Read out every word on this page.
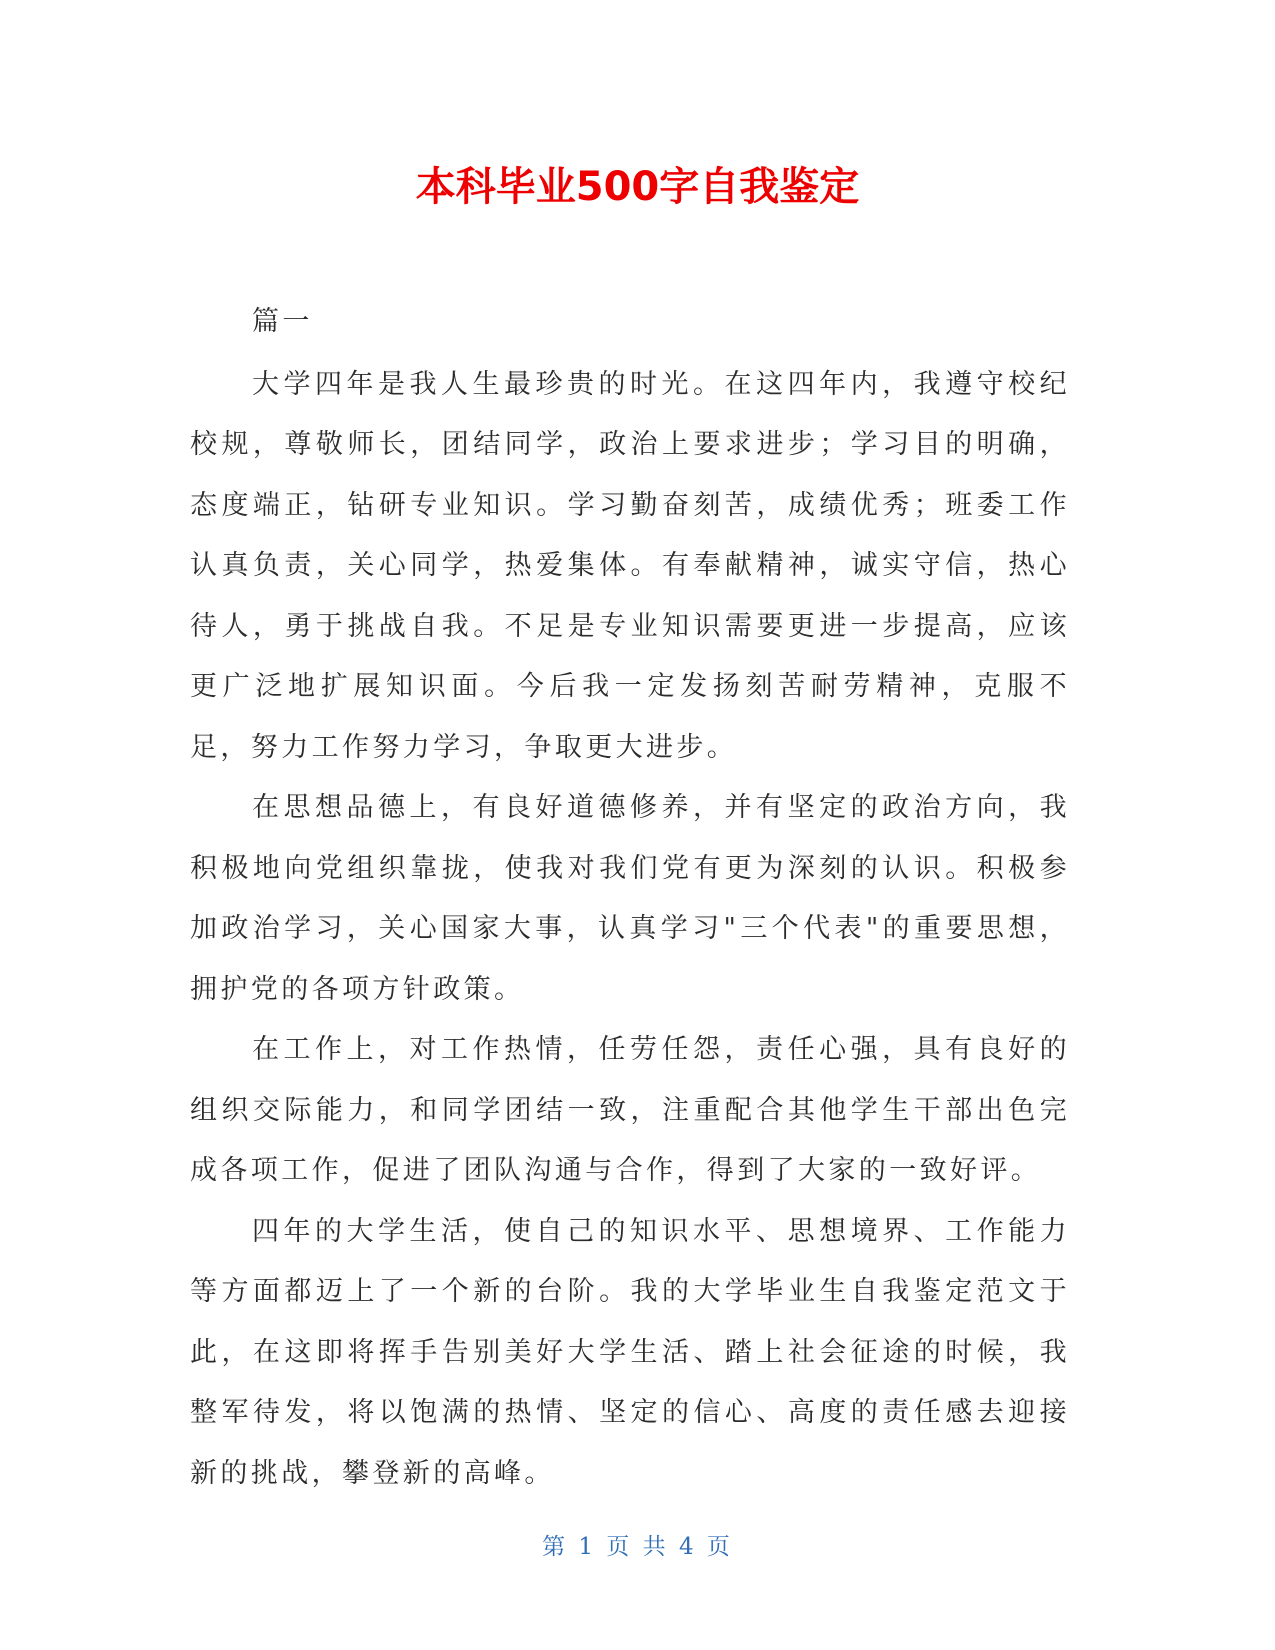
本科毕业500字自我鉴定

篇一

大学四年是我人生最珍贵的时光。在这四年内，我遵守校纪校规，尊敬师长，团结同学，政治上要求进步；学习目的明确，态度端正，钻研专业知识。学习勤奋刻苦，成绩优秀；班委工作认真负责，关心同学，热爱集体。有奉献精神，诚实守信，热心待人，勇于挑战自我。不足是专业知识需要更进一步提高，应该更广泛地扩展知识面。今后我一定发扬刻苦耐劳精神，克服不足，努力工作努力学习，争取更大进步。

在思想品德上，有良好道德修养，并有坚定的政治方向，我积极地向党组织靠拢，使我对我们党有更为深刻的认识。积极参加政治学习，关心国家大事，认真学习"三个代表"的重要思想，拥护党的各项方针政策。

在工作上，对工作热情，任劳任怨，责任心强，具有良好的组织交际能力，和同学团结一致，注重配合其他学生干部出色完成各项工作，促进了团队沟通与合作，得到了大家的一致好评。

四年的大学生活，使自己的知识水平、思想境界、工作能力等方面都迈上了一个新的台阶。我的大学毕业生自我鉴定范文于此，在这即将挥手告别美好大学生活、踏上社会征途的时候，我整军待发，将以饱满的热情、坚定的信心、高度的责任感去迎接新的挑战，攀登新的高峰。

第 1 页 共 4 页
